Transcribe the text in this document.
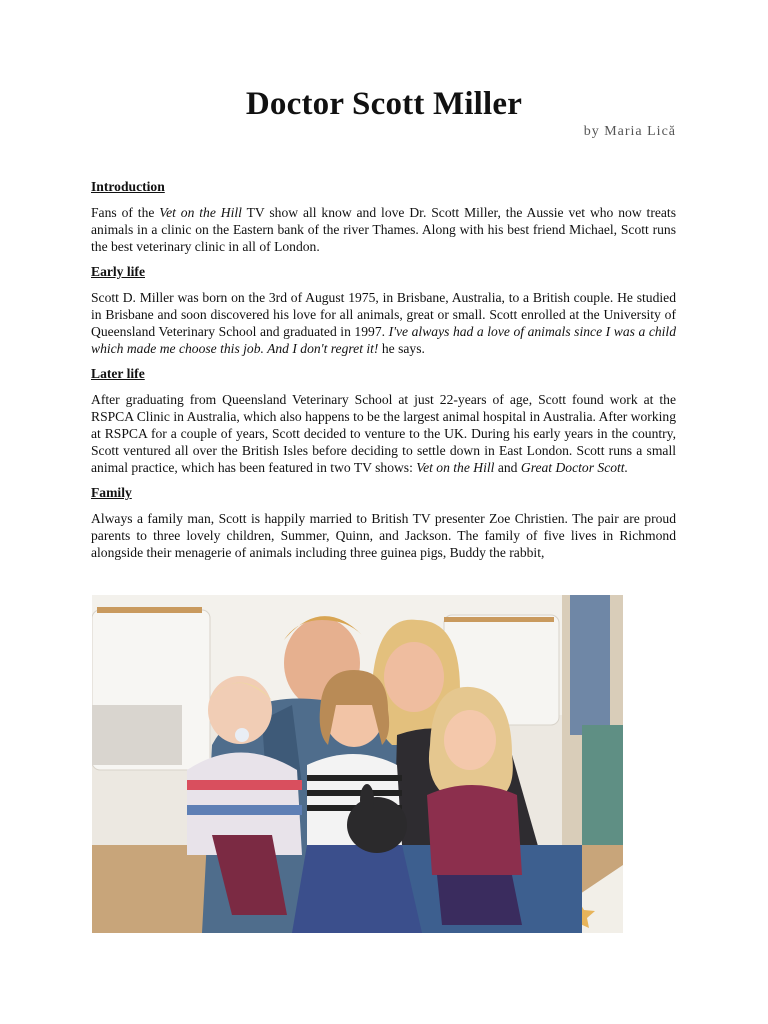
Doctor Scott Miller
by Maria Lică
Introduction

Fans of the Vet on the Hill TV show all know and love Dr. Scott Miller, the Aussie vet who now treats animals in a clinic on the Eastern bank of the river Thames. Along with his best friend Michael, Scott runs the best veterinary clinic in all of London.

Early life

Scott D. Miller was born on the 3rd of August 1975, in Brisbane, Australia, to a British couple. He studied in Brisbane and soon discovered his love for all animals, great or small. Scott enrolled at the University of Queensland Veterinary School and graduated in 1997. I've always had a love of animals since I was a child which made me choose this job. And I don't regret it! he says.

Later life

After graduating from Queensland Veterinary School at just 22-years of age, Scott found work at the RSPCA Clinic in Australia, which also happens to be the largest animal hospital in Australia. After working at RSPCA for a couple of years, Scott decided to venture to the UK. During his early years in the country, Scott ventured all over the British Isles before deciding to settle down in East London. Scott runs a small animal practice, which has been featured in two TV shows: Vet on the Hill and Great Doctor Scott.

Family

Always a family man, Scott is happily married to British TV presenter Zoe Christien. The pair are proud parents to three lovely children, Summer, Quinn, and Jackson. The family of five lives in Richmond alongside their menagerie of animals including three guinea pigs, Buddy the rabbit,
